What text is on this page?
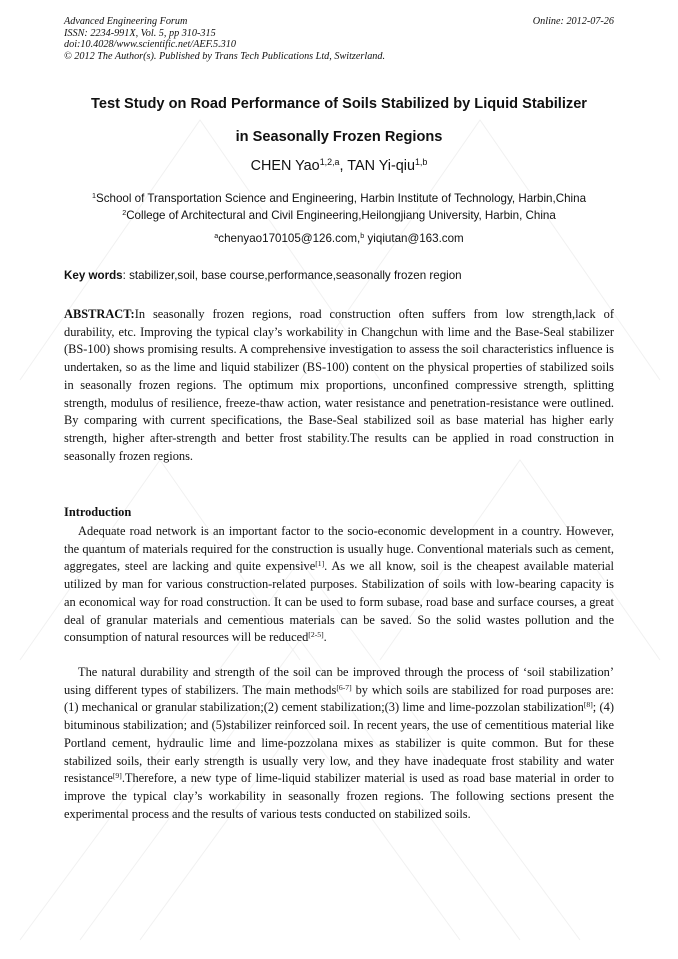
Advanced Engineering Forum
ISSN: 2234-991X, Vol. 5, pp 310-315
doi:10.4028/www.scientific.net/AEF.5.310
© 2012 The Author(s). Published by Trans Tech Publications Ltd, Switzerland.
Online: 2012-07-26
Test Study on Road Performance of Soils Stabilized by Liquid Stabilizer
in Seasonally Frozen Regions
CHEN Yao$^{1,2,a}$, TAN Yi-qiu$^{1,b}$
$^1$School of Transportation Science and Engineering, Harbin Institute of Technology, Harbin,China
$^2$College of Architectural and Civil Engineering,Heilongjiang University, Harbin, China
$^a$chenyao170105@126.com,$^b$ yiqiutan@163.com
Key words: stabilizer,soil, base course,performance,seasonally frozen region
ABSTRACT:In seasonally frozen regions, road construction often suffers from low strength,lack of durability, etc. Improving the typical clay’s workability in Changchun with lime and the Base-Seal stabilizer (BS-100) shows promising results. A comprehensive investigation to assess the soil characteristics influence is undertaken, so as the lime and liquid stabilizer (BS-100) content on the physical properties of stabilized soils in seasonally frozen regions. The optimum mix proportions, unconfined compressive strength, splitting strength, modulus of resilience, freeze-thaw action, water resistance and penetration-resistance were outlined. By comparing with current specifications, the Base-Seal stabilized soil as base material has higher early strength, higher after-strength and better frost stability.The results can be applied in road construction in seasonally frozen regions.
Introduction
Adequate road network is an important factor to the socio-economic development in a country. However, the quantum of materials required for the construction is usually huge. Conventional materials such as cement, aggregates, steel are lacking and quite expensive[1]. As we all know, soil is the cheapest available material utilized by man for various construction-related purposes. Stabilization of soils with low-bearing capacity is an economical way for road construction. It can be used to form subase, road base and surface courses, a great deal of granular materials and cementious materials can be saved. So the solid wastes pollution and the consumption of natural resources will be reduced[2-5].
The natural durability and strength of the soil can be improved through the process of ‘soil stabilization’ using different types of stabilizers. The main methods[6-7] by which soils are stabilized for road purposes are:(1) mechanical or granular stabilization;(2) cement stabilization;(3) lime and lime-pozzolan stabilization[8]; (4) bituminous stabilization; and (5)stabilizer reinforced soil. In recent years, the use of cementitious material like Portland cement, hydraulic lime and lime-pozzolana mixes as stabilizer is quite common. But for these stabilized soils, their early strength is usually very low, and they have inadequate frost stability and water resistance[9].Therefore, a new type of lime-liquid stabilizer material is used as road base material in order to improve the typical clay’s workability in seasonally frozen regions. The following sections present the experimental process and the results of various tests conducted on stabilized soils.
